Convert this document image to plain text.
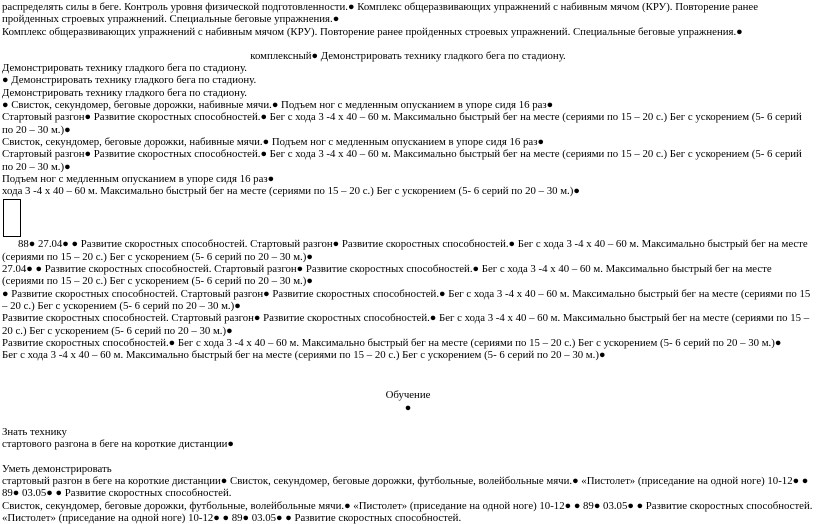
распределять силы в беге. Контроль уровня физической подготовленности.● Комплекс общеразвивающих упражнений с набивным мячом (КРУ). Повторение ранее пройденных строевых упражнений. Специальные беговые упражнения.●
Комплекс общеразвивающих упражнений с набивным мячом (КРУ). Повторение ранее пройденных строевых упражнений. Специальные беговые упражнения.●
комплексный● Демонстрировать технику гладкого бега по стадиону.
Демонстрировать технику гладкого бега по стадиону.
● Демонстрировать технику гладкого бега по стадиону.
Демонстрировать технику гладкого бега по стадиону.
● Свисток, секундомер, беговые дорожки, набивные мячи.● Подъем ног с медленным опусканием в упоре сидя 16 раз●
Стартовый разгон● Развитие скоростных способностей.● Бег с хода 3 -4 х 40 – 60 м. Максимально быстрый бег на месте (сериями по 15 – 20 с.) Бег с ускорением (5- 6 серий по 20 – 30 м.)●
Свисток, секундомер, беговые дорожки, набивные мячи.● Подъем ног с медленным опусканием в упоре сидя 16 раз●
Стартовый разгон● Развитие скоростных способностей.● Бег с хода 3 -4 х 40 – 60 м. Максимально быстрый бег на месте (сериями по 15 – 20 с.) Бег с ускорением (5- 6 серий по 20 – 30 м.)●
Подъем ног с медленным опусканием в упоре сидя 16 раз●
хода 3 -4 х 40 – 60 м. Максимально быстрый бег на месте (сериями по 15 – 20 с.) Бег с ускорением (5- 6 серий по 20 – 30 м.)●
88● 27.04● ● Развитие скоростных способностей. Стартовый разгон● Развитие скоростных способностей.● Бег с хода 3 -4 х 40 – 60 м. Максимально быстрый бег на месте (сериями по 15 – 20 с.) Бег с ускорением (5- 6 серий по 20 – 30 м.)●
27.04● ● Развитие скоростных способностей. Стартовый разгон● Развитие скоростных способностей.● Бег с хода 3 -4 х 40 – 60 м. Максимально быстрый бег на месте (сериями по 15 – 20 с.) Бег с ускорением (5- 6 серий по 20 – 30 м.)●
● Развитие скоростных способностей. Стартовый разгон● Развитие скоростных способностей.● Бег с хода 3 -4 х 40 – 60 м. Максимально быстрый бег на месте (сериями по 15 – 20 с.) Бег с ускорением (5- 6 серий по 20 – 30 м.)●
Развитие скоростных способностей. Стартовый разгон● Развитие скоростных способностей.● Бег с хода 3 -4 х 40 – 60 м. Максимально быстрый бег на месте (сериями по 15 – 20 с.) Бег с ускорением (5- 6 серий по 20 – 30 м.)●
Развитие скоростных способностей.● Бег с хода 3 -4 х 40 – 60 м. Максимально быстрый бег на месте (сериями по 15 – 20 с.) Бег с ускорением (5- 6 серий по 20 – 30 м.)●
Бег с хода 3 -4 х 40 – 60 м. Максимально быстрый бег на месте (сериями по 15 – 20 с.) Бег с ускорением (5- 6 серий по 20 – 30 м.)●
Обучение
●
Знать технику
стартового разгона в беге на короткие дистанции●
Уметь демонстрировать
стартовый разгон в беге на короткие дистанции● Свисток, секундомер, беговые дорожки, футбольные, волейбольные мячи.● «Пистолет» (приседание на одной ноге) 10-12● ● 89● 03.05● ● Развитие скоростных способностей.
Свисток, секундомер, беговые дорожки, футбольные, волейбольные мячи.● «Пистолет» (приседание на одной ноге) 10-12● ● 89● 03.05● ● Развитие скоростных способностей.
«Пистолет» (приседание на одной ноге) 10-12● ● 89● 03.05● ● Развитие скоростных способностей.
